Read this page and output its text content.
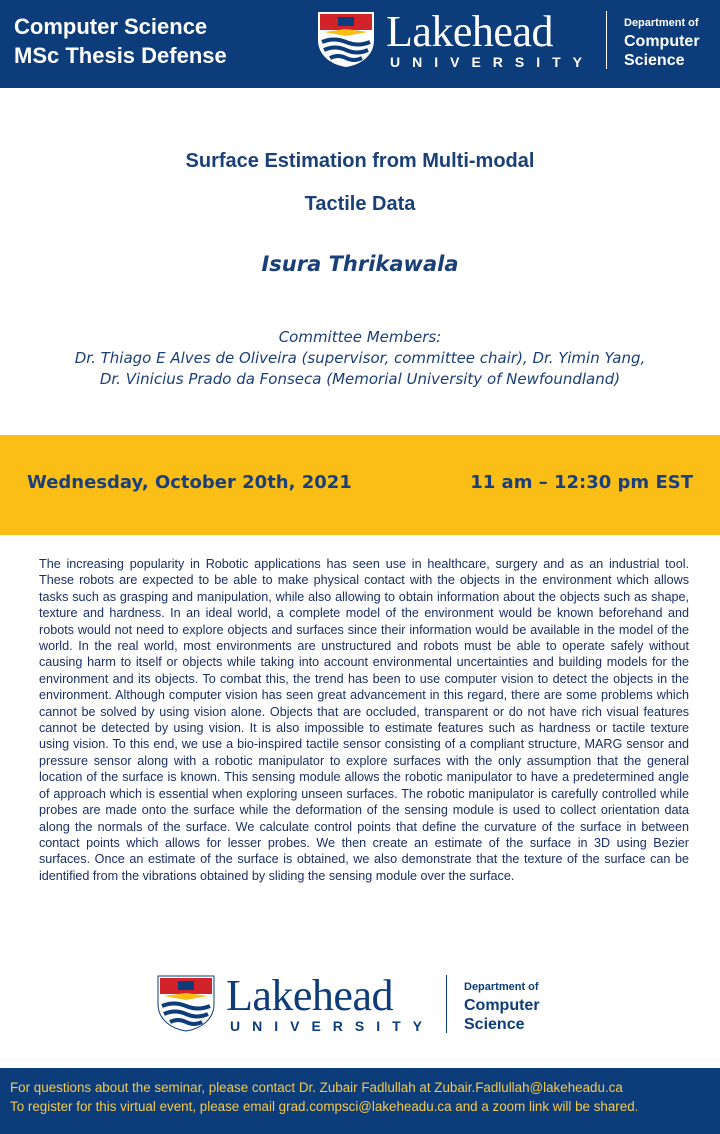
Computer Science
MSc Thesis Defense	Lakehead
UNIVERSITY
Department of
Computer
Science
Surface Estimation from Multi-modal
Tactile Data
Isura Thrikawala
Committee Members:
Dr. Thiago E Alves de Oliveira (supervisor, committee chair), Dr. Yimin Yang,
Dr. Vinicius Prado da Fonseca (Memorial University of Newfoundland)
Wednesday, October 20th, 2021	11 am – 12:30 pm EST
The increasing popularity in Robotic applications has seen use in healthcare, surgery and as an industrial tool. These robots are expected to be able to make physical contact with the objects in the environment which allows tasks such as grasping and manipulation, while also allowing to obtain information about the objects such as shape, texture and hardness. In an ideal world, a complete model of the environment would be known beforehand and robots would not need to explore objects and surfaces since their information would be available in the model of the world. In the real world, most environments are unstructured and robots must be able to operate safely without causing harm to itself or objects while taking into account environmental uncertainties and building models for the environment and its objects. To combat this, the trend has been to use computer vision to detect the objects in the environment. Although computer vision has seen great advancement in this regard, there are some problems which cannot be solved by using vision alone. Objects that are occluded, transparent or do not have rich visual features cannot be detected by using vision. It is also impossible to estimate features such as hardness or tactile texture using vision. To this end, we use a bio-inspired tactile sensor consisting of a compliant structure, MARG sensor and pressure sensor along with a robotic manipulator to explore surfaces with the only assumption that the general location of the surface is known. This sensing module allows the robotic manipulator to have a predetermined angle of approach which is essential when exploring unseen surfaces. The robotic manipulator is carefully controlled while probes are made onto the surface while the deformation of the sensing module is used to collect orientation data along the normals of the surface. We calculate control points that define the curvature of the surface in between contact points which allows for lesser probes. We then create an estimate of the surface in 3D using Bezier surfaces. Once an estimate of the surface is obtained, we also demonstrate that the texture of the surface can be identified from the vibrations obtained by sliding the sensing module over the surface.
Lakehead
UNIVERSITY
Department of
Computer
Science
For questions about the seminar, please contact Dr. Zubair Fadlullah at Zubair.Fadlullah@lakeheadu.ca
To register for this virtual event, please email grad.compsci@lakeheadu.ca and a zoom link will be shared.
